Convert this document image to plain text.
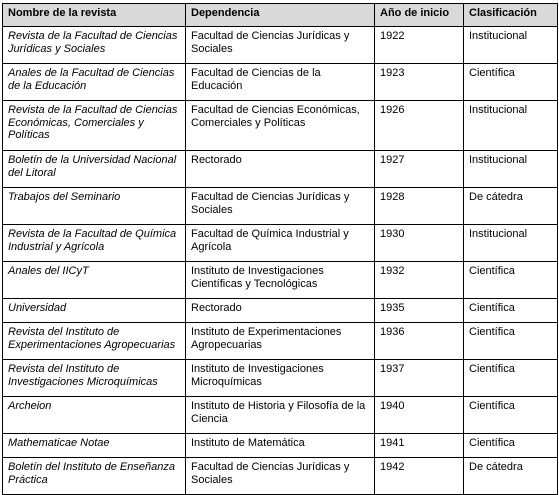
Nombre de la revista	Dependencia	Año de inicio	Clasificación
Revista de la Facultad de Ciencias Jurídicas y Sociales	Facultad de Ciencias Jurídicas y Sociales	1922	Institucional
Anales de la Facultad de Ciencias de la Educación	Facultad de Ciencias de la Educación	1923	Científica
Revista de la Facultad de Ciencias Económicas, Comerciales y Políticas	Facultad de Ciencias Económicas, Comerciales y Políticas	1926	Institucional
Boletín de la Universidad Nacional del Litoral	Rectorado	1927	Institucional
Trabajos del Seminario	Facultad de Ciencias Jurídicas y Sociales	1928	De cátedra
Revista de la Facultad de Química Industrial y Agrícola	Facultad de Química Industrial y Agrícola	1930	Institucional
Anales del IICyT	Instituto de Investigaciones Científicas y Tecnológicas	1932	Científica
Universidad	Rectorado	1935	Científica
Revista del Instituto de Experimentaciones Agropecuarias	Instituto de Experimentaciones Agropecuarias	1936	Científica
Revista del Instituto de Investigaciones Microquímicas	Instituto de Investigaciones Microquímicas	1937	Científica
Archeion	Instituto de Historia y Filosofía de la Ciencia	1940	Científica
Mathematicae Notae	Instituto de Matemática	1941	Científica
Boletín del Instituto de Enseñanza Práctica	Facultad de Ciencias Jurídicas y Sociales	1942	De cátedra
